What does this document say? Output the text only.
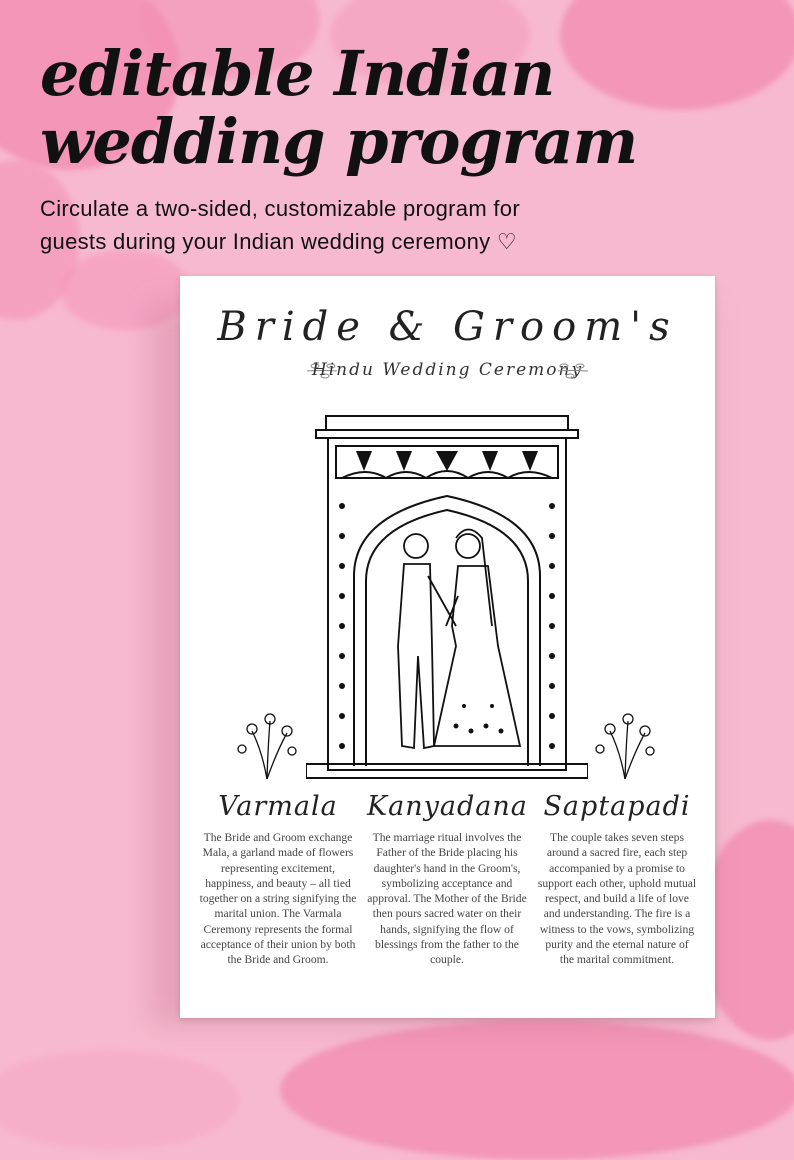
editable Indian
wedding program
Circulate a two-sided, customizable program for
guests during your Indian wedding ceremony ♡
Bride & Groom's
Hindu Wedding Ceremony
Varmala

The Bride and Groom exchange Mala, a garland made of flowers representing excitement, happiness, and beauty – all tied together on a string signifying the marital union. The Varmala Ceremony represents the formal acceptance of their union by both the Bride and Groom.

Kanyadana

The marriage ritual involves the Father of the Bride placing his daughter's hand in the Groom's, symbolizing acceptance and approval. The Mother of the Bride then pours sacred water on their hands, signifying the flow of blessings from the father to the couple.

Saptapadi

The couple takes seven steps around a sacred fire, each step accompanied by a promise to support each other, uphold mutual respect, and build a life of love and understanding. The fire is a witness to the vows, symbolizing purity and the eternal nature of the marital commitment.
